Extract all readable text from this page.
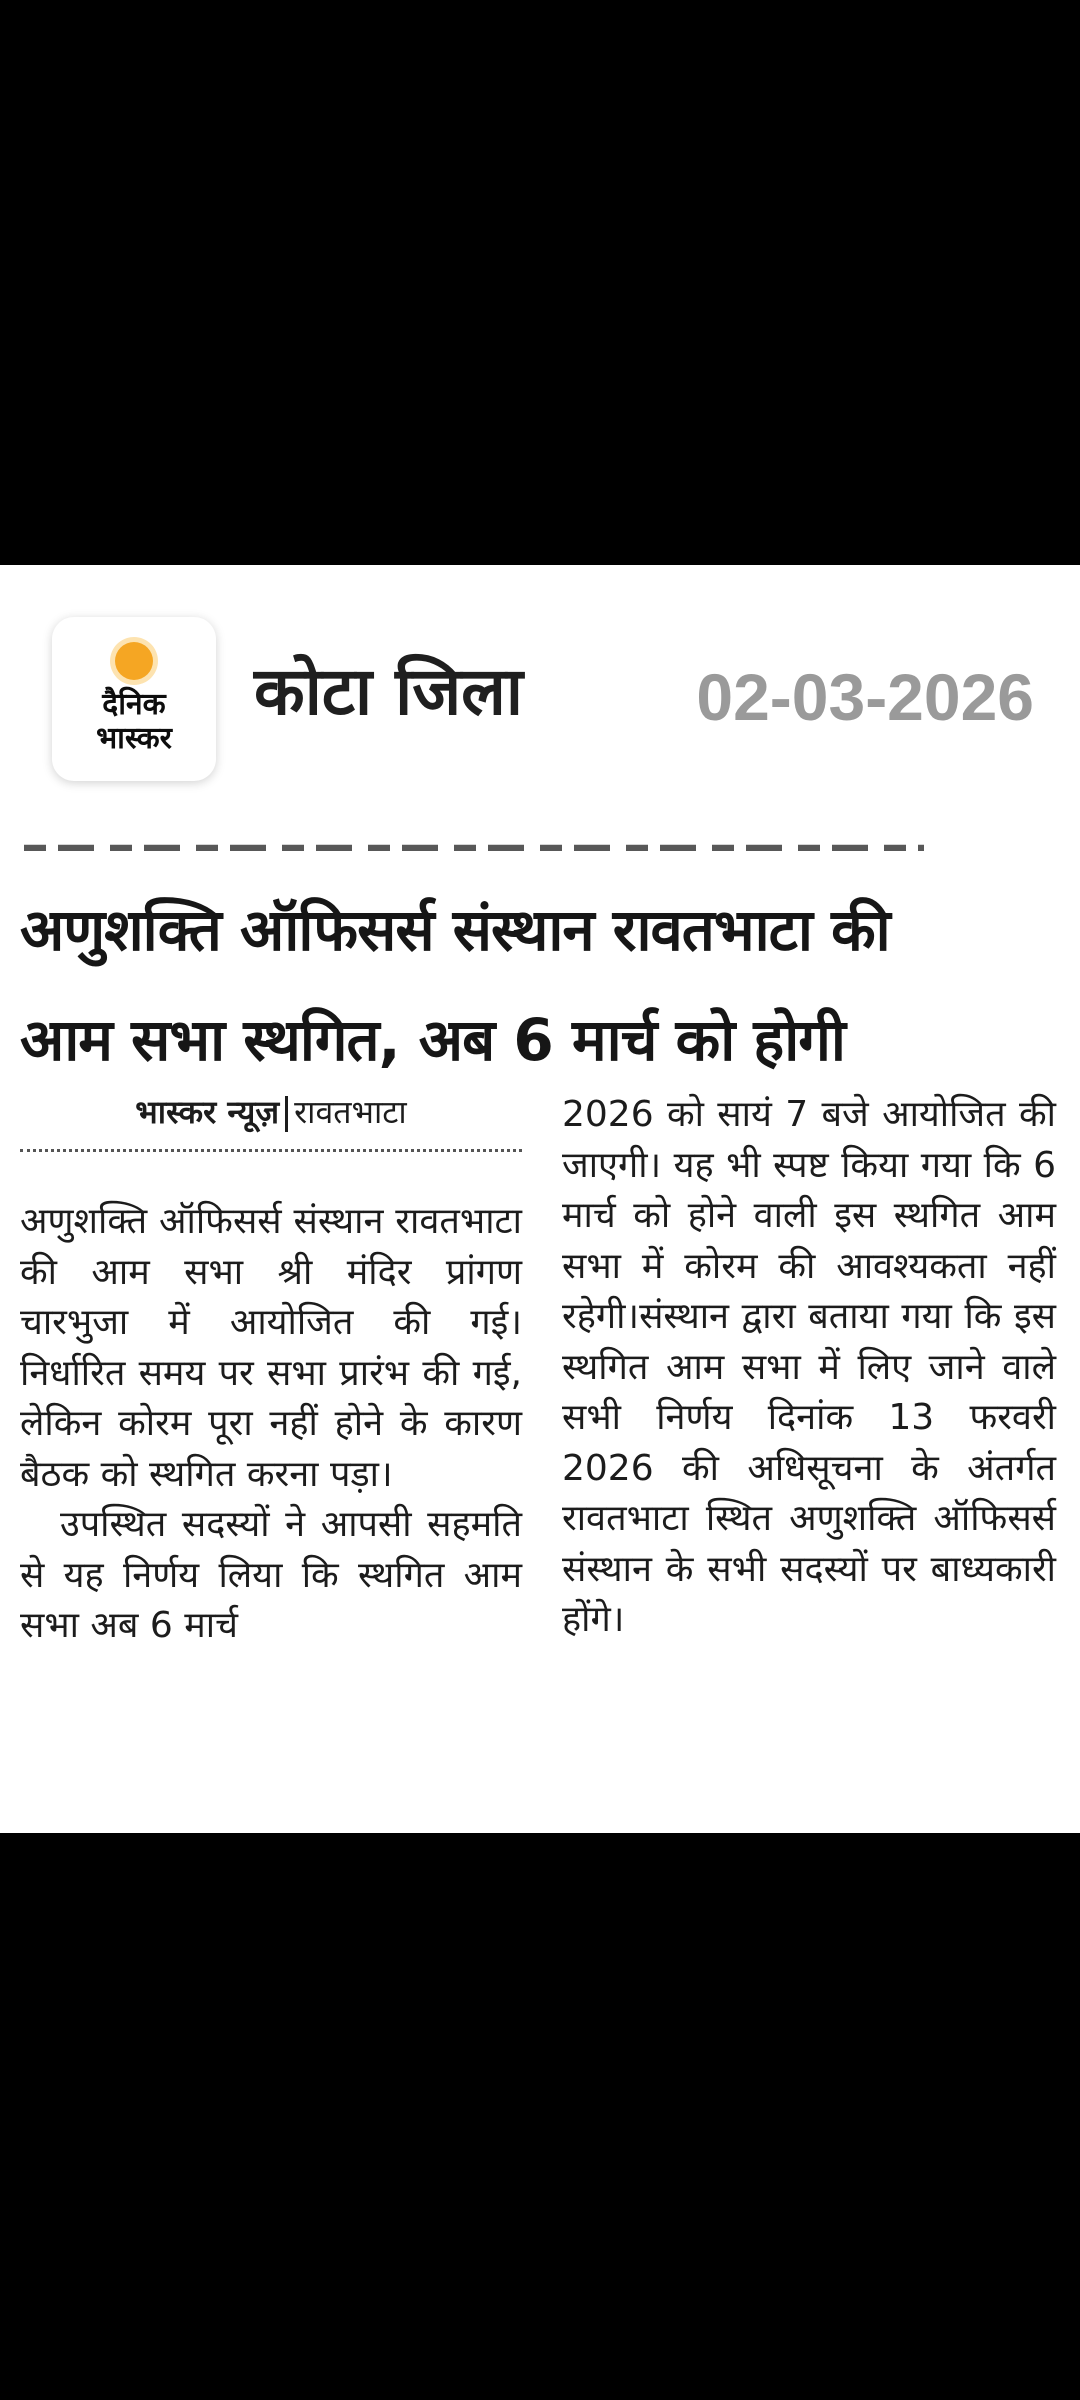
दैनिक
भास्कर
कोटा जिला	02-03-2026
अणुशक्ति ऑफिसर्स संस्थान रावतभाटा की
आम सभा स्थगित, अब 6 मार्च को होगी
भास्कर न्यूज़ रावतभाटा

अणुशक्ति ऑफिसर्स संस्थान रावतभाटा की आम सभा श्री मंदिर प्रांगण चारभुजा में आयोजित की गई। निर्धारित समय पर सभा प्रारंभ की गई, लेकिन कोरम पूरा नहीं होने के कारण बैठक को स्थगित करना पड़ा।

उपस्थित सदस्यों ने आपसी सहमति से यह निर्णय लिया कि स्थगित आम सभा अब 6 मार्च

2026 को सायं 7 बजे आयोजित की जाएगी। यह भी स्पष्ट किया गया कि 6 मार्च को होने वाली इस स्थगित आम सभा में कोरम की आवश्यकता नहीं रहेगी।संस्थान द्वारा बताया गया कि इस स्थगित आम सभा में लिए जाने वाले सभी निर्णय दिनांक 13 फरवरी 2026 की अधिसूचना के अंतर्गत रावतभाटा स्थित अणुशक्ति ऑफिसर्स संस्थान के सभी सदस्यों पर बाध्यकारी होंगे।
